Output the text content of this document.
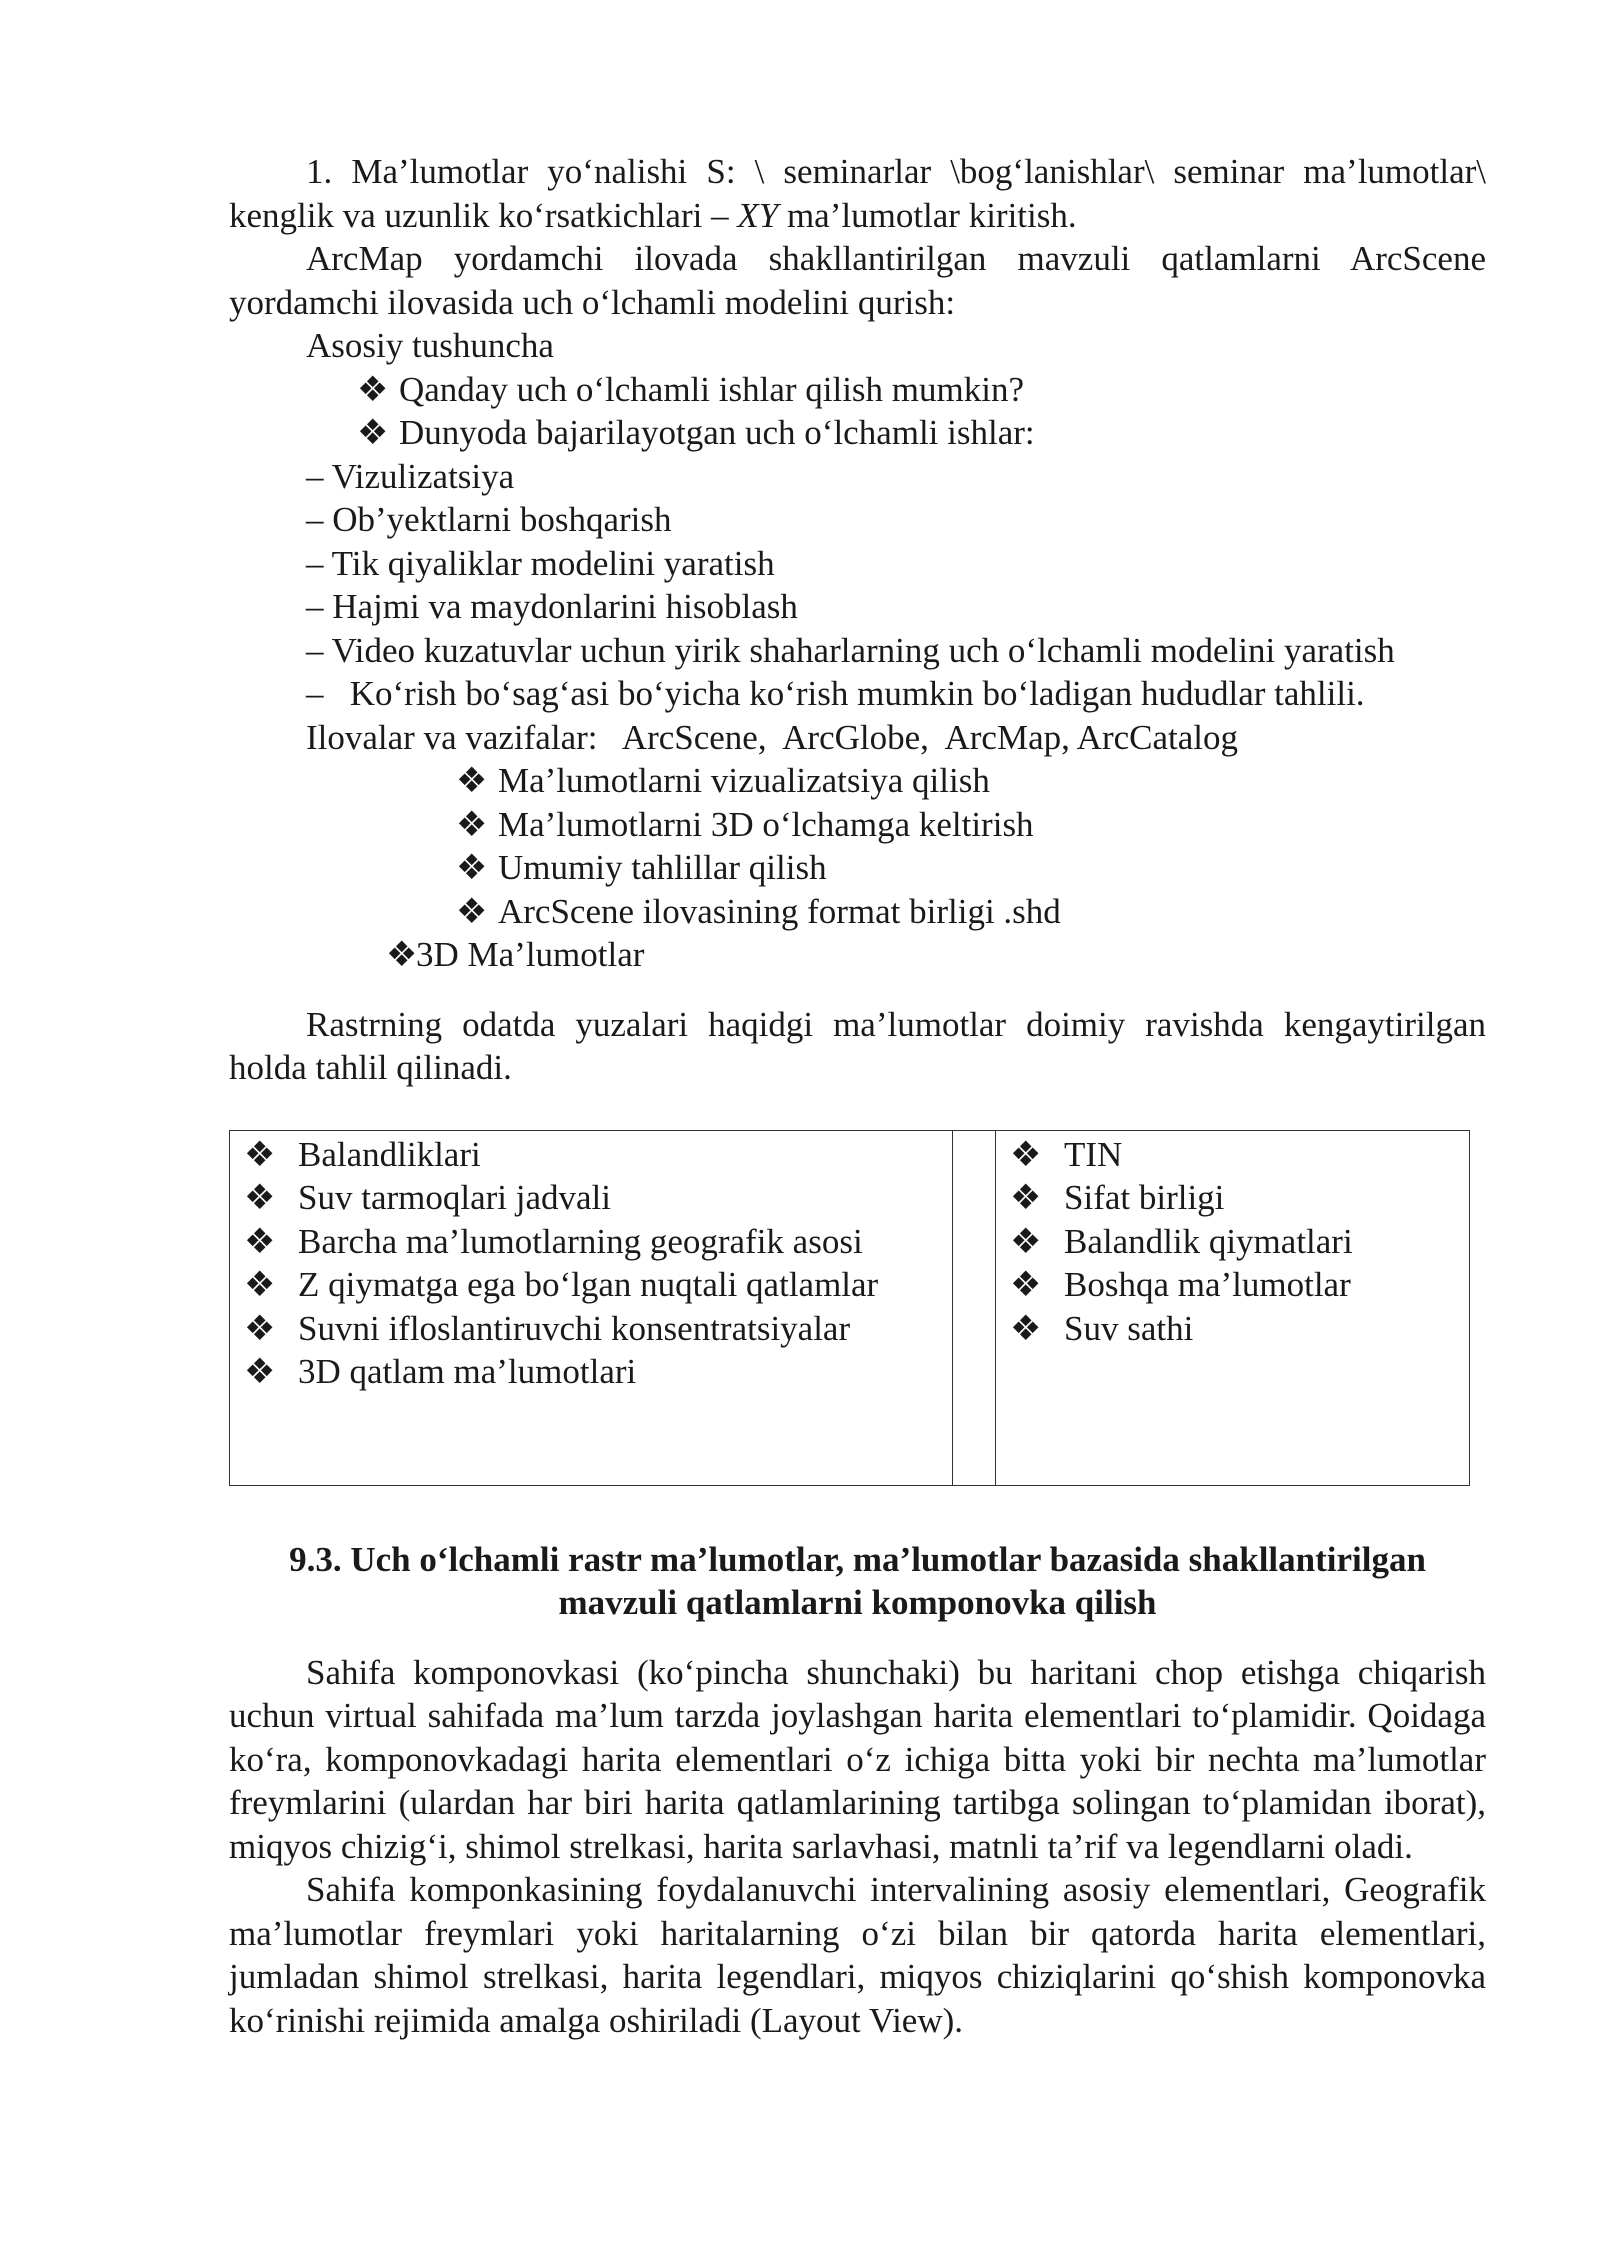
1. Ma’lumotlar yo‘nalishi S: \ seminarlar \bog‘lanishlar\ seminar ma’lumotlar\ kenglik va uzunlik ko‘rsatkichlari – XY ma’lumotlar kiritish.

ArcMap yordamchi ilovada shakllantirilgan mavzuli qatlamlarni ArcScene yordamchi ilovasida uch o‘lchamli modelini qurish:

Asosiy tushuncha
❖ Qanday uch o‘lchamli ishlar qilish mumkin?
❖ Dunyoda bajarilayotgan uch o‘lchamli ishlar:
– Vizulizatsiya
– Ob’yektlarni boshqarish
– Tik qiyaliklar modelini yaratish
– Hajmi va maydonlarini hisoblash
– Video kuzatuvlar uchun yirik shaharlarning uch o‘lchamli modelini yaratish
–   Ko‘rish bo‘sag‘asi bo‘yicha ko‘rish mumkin bo‘ladigan hududlar tahlili.
Ilovalar va vazifalar:   ArcScene,  ArcGlobe,  ArcMap, ArcCatalog
❖ Ma’lumotlarni vizualizatsiya qilish
❖ Ma’lumotlarni 3D o‘lchamga keltirish
❖ Umumiy tahlillar qilish
❖ ArcScene ilovasining format birligi .shd
❖3D Ma’lumotlar

Rastrning odatda yuzalari haqidgi ma’lumotlar doimiy ravishda kengaytirilgan holda tahlil qilinadi.

❖ Balandliklari
❖ Suv tarmoqlari jadvali
❖ Barcha ma’lumotlarning geografik asosi
❖ Z qiymatga ega bo‘lgan nuqtali qatlamlar
❖ Suvni ifloslantiruvchi konsentratsiyalar
❖ 3D qatlam ma’lumotlari

❖ TIN
❖ Sifat birligi
❖ Balandlik qiymatlari
❖ Boshqa ma’lumotlar
❖ Suv sathi
9.3. Uch o‘lchamli rastr ma’lumotlar, ma’lumotlar bazasida shakllantirilgan
mavzuli qatlamlarni komponovka qilish

Sahifa komponovkasi (ko‘pincha shunchaki) bu haritani chop etishga chiqarish uchun virtual sahifada ma’lum tarzda joylashgan harita elementlari to‘plamidir. Qoidaga ko‘ra, komponovkadagi harita elementlari o‘z ichiga bitta yoki bir nechta ma’lumotlar freymlarini (ulardan har biri harita qatlamlarining tartibga solingan to‘plamidan iborat), miqyos chizig‘i, shimol strelkasi, harita sarlavhasi, matnli ta’rif va legendlarni oladi.

Sahifa komponkasining foydalanuvchi intervalining asosiy elementlari, Geografik ma’lumotlar freymlari yoki haritalarning o‘zi bilan bir qatorda harita elementlari, jumladan shimol strelkasi, harita legendlari, miqyos chiziqlarini qo‘shish komponovka ko‘rinishi rejimida amalga oshiriladi (Layout View).
